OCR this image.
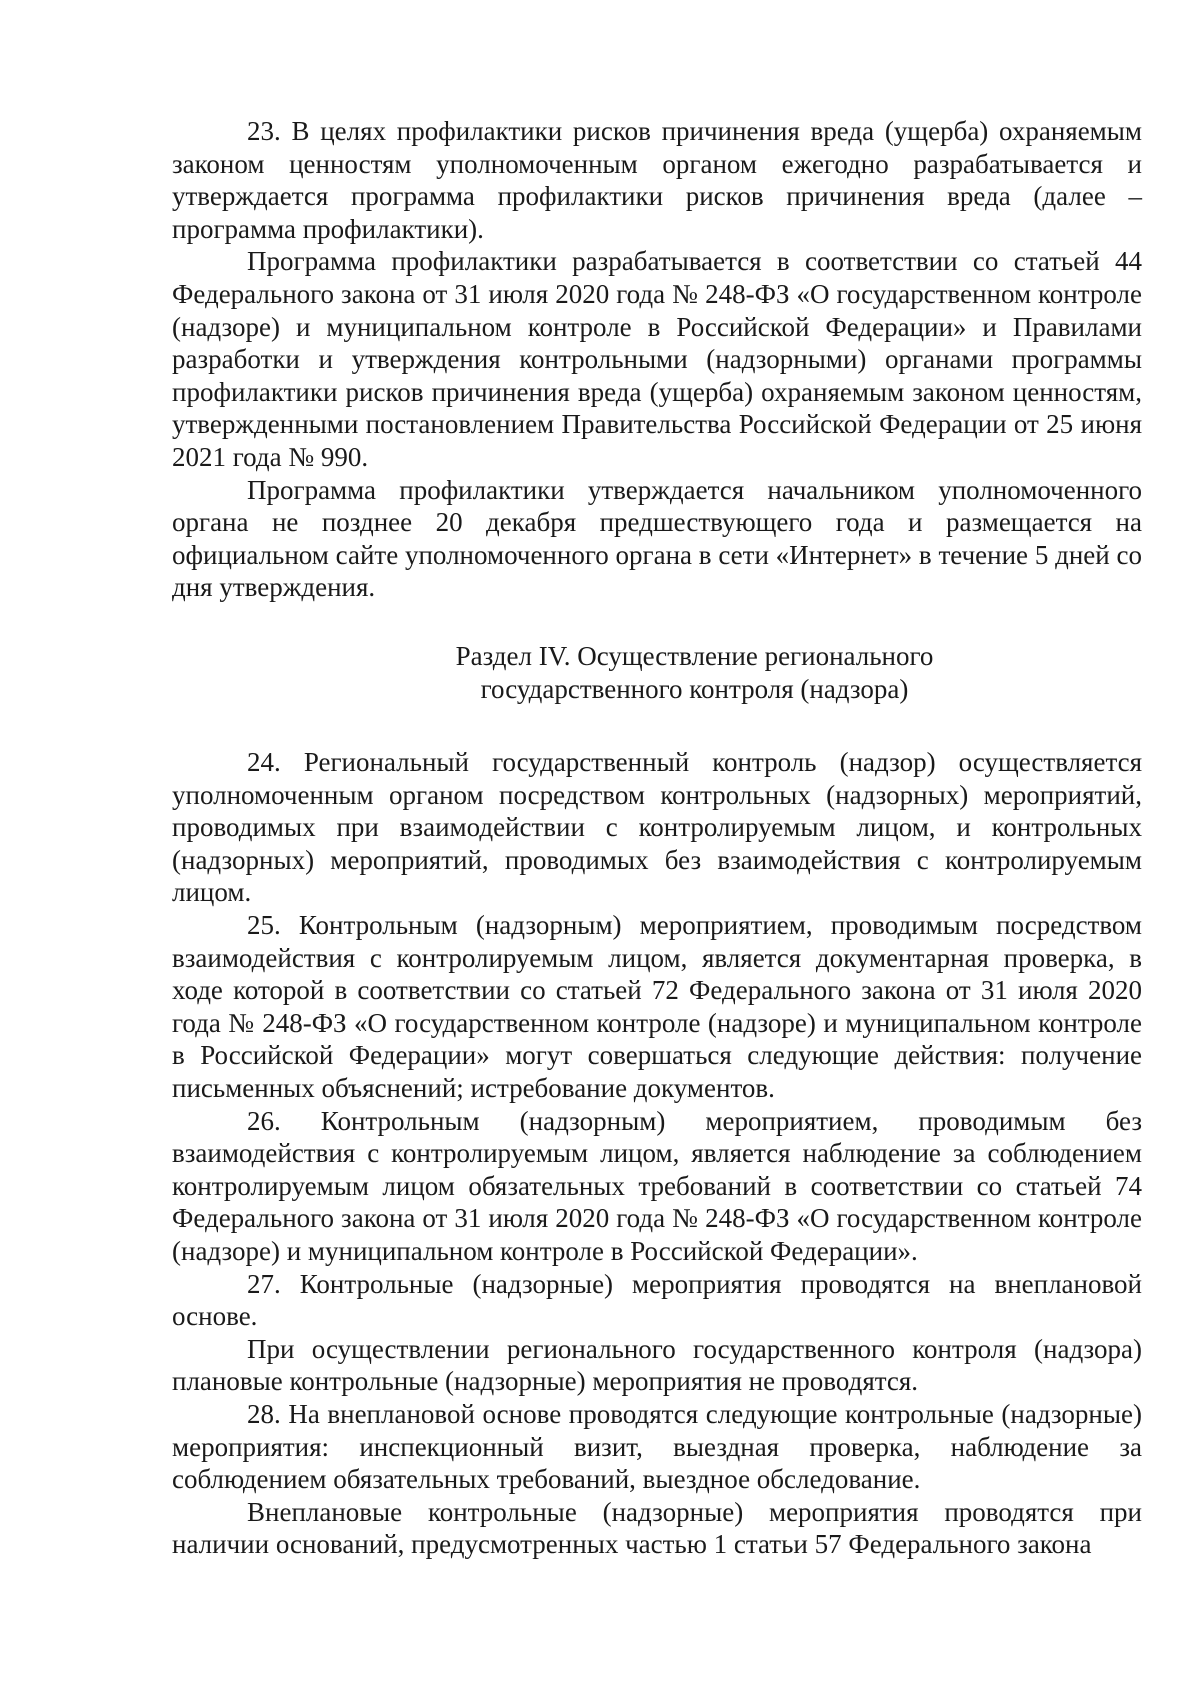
23. В целях профилактики рисков причинения вреда (ущерба) охраняемым законом ценностям уполномоченным органом ежегодно разрабатывается и утверждается программа профилактики рисков причинения вреда (далее – программа профилактики).

Программа профилактики разрабатывается в соответствии со статьей 44 Федерального закона от 31 июля 2020 года № 248-ФЗ «О государственном контроле (надзоре) и муниципальном контроле в Российской Федерации» и Правилами разработки и утверждения контрольными (надзорными) органами программы профилактики рисков причинения вреда (ущерба) охраняемым законом ценностям, утвержденными постановлением Правительства Российской Федерации от 25 июня 2021 года № 990.

Программа профилактики утверждается начальником уполномоченного органа не позднее 20 декабря предшествующего года и размещается на официальном сайте уполномоченного органа в сети «Интернет» в течение 5 дней со дня утверждения.

Раздел IV. Осуществление регионального
государственного контроля (надзора)

24. Региональный государственный контроль (надзор) осуществляется уполномоченным органом посредством контрольных (надзорных) мероприятий, проводимых при взаимодействии с контролируемым лицом, и контрольных (надзорных) мероприятий, проводимых без взаимодействия с контролируемым лицом.

25. Контрольным (надзорным) мероприятием, проводимым посредством взаимодействия с контролируемым лицом, является документарная проверка, в ходе которой в соответствии со статьей 72 Федерального закона от 31 июля 2020 года № 248-ФЗ «О государственном контроле (надзоре) и муниципальном контроле в Российской Федерации» могут совершаться следующие действия: получение письменных объяснений; истребование документов.

26. Контрольным (надзорным) мероприятием, проводимым без взаимодействия с контролируемым лицом, является наблюдение за соблюдением контролируемым лицом обязательных требований в соответствии со статьей 74 Федерального закона от 31 июля 2020 года № 248-ФЗ «О государственном контроле (надзоре) и муниципальном контроле в Российской Федерации».

27. Контрольные (надзорные) мероприятия проводятся на внеплановой основе.

При осуществлении регионального государственного контроля (надзора) плановые контрольные (надзорные) мероприятия не проводятся.

28. На внеплановой основе проводятся следующие контрольные (надзорные) мероприятия: инспекционный визит, выездная проверка, наблюдение за соблюдением обязательных требований, выездное обследование.

Внеплановые контрольные (надзорные) мероприятия проводятся при наличии оснований, предусмотренных частью 1 статьи 57 Федерального закона
